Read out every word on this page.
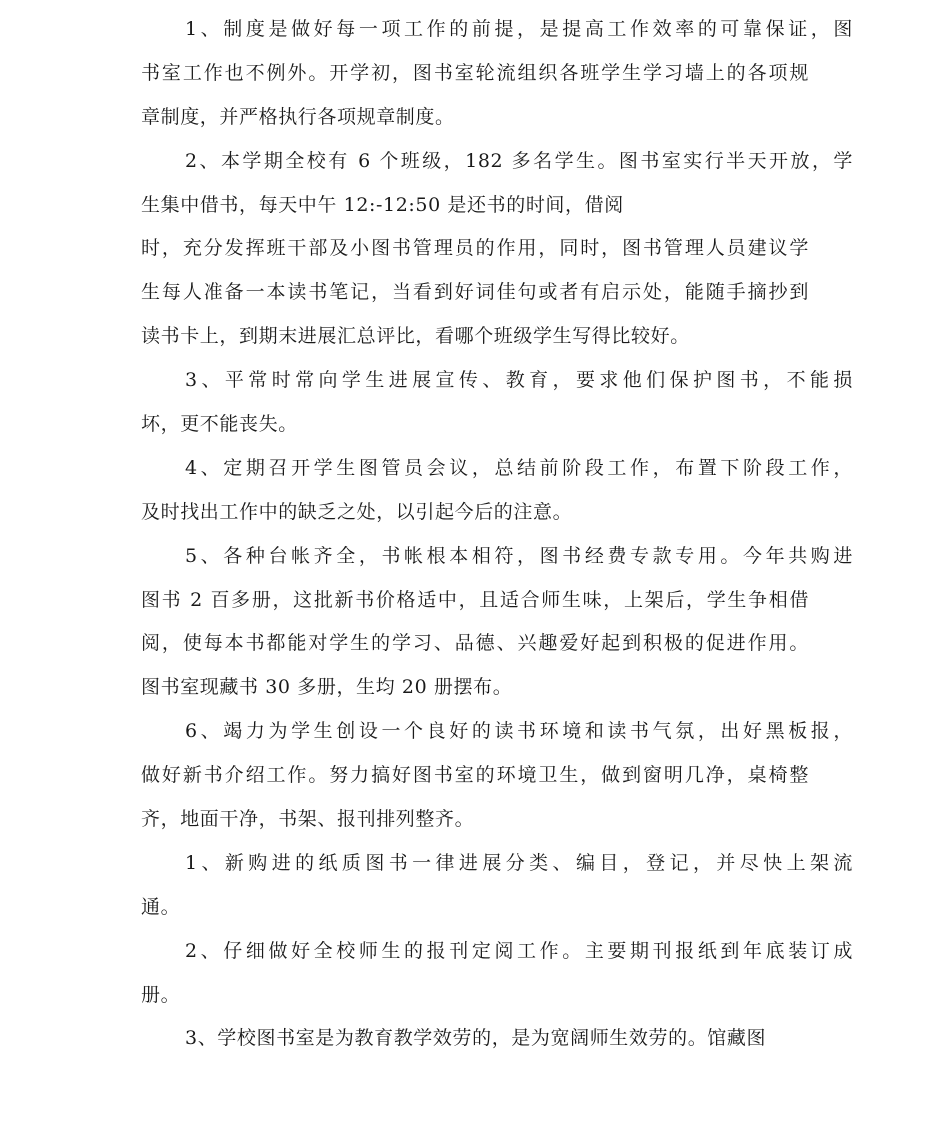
1、制度是做好每一项工作的前提，是提高工作效率的可靠保证，图
书室工作也不例外。开学初，图书室轮流组织各班学生学习墙上的各项规
章制度，并严格执行各项规章制度。
2、本学期全校有 6 个班级，182 多名学生。图书室实行半天开放，学
生集中借书，每天中午 12:-12:50 是还书的时间，借阅
时，充分发挥班干部及小图书管理员的作用，同时，图书管理人员建议学
生每人准备一本读书笔记，当看到好词佳句或者有启示处，能随手摘抄到
读书卡上，到期末进展汇总评比，看哪个班级学生写得比较好。
3、平常时常向学生进展宣传、教育，要求他们保护图书，不能损
坏，更不能丧失。
4、定期召开学生图管员会议，总结前阶段工作，布置下阶段工作，
及时找出工作中的缺乏之处，以引起今后的注意。
5、各种台帐齐全，书帐根本相符，图书经费专款专用。今年共购进
图书 2 百多册，这批新书价格适中，且适合师生味，上架后，学生争相借
阅，使每本书都能对学生的学习、品德、兴趣爱好起到积极的促进作用。
图书室现藏书 30 多册，生均 20 册摆布。
6、竭力为学生创设一个良好的读书环境和读书气氛，出好黑板报，
做好新书介绍工作。努力搞好图书室的环境卫生，做到窗明几净，桌椅整
齐，地面干净，书架、报刊排列整齐。
1、新购进的纸质图书一律进展分类、编目，登记，并尽快上架流
通。
2、仔细做好全校师生的报刊定阅工作。主要期刊报纸到年底装订成
册。
3、学校图书室是为教育教学效劳的，是为宽阔师生效劳的。馆藏图
